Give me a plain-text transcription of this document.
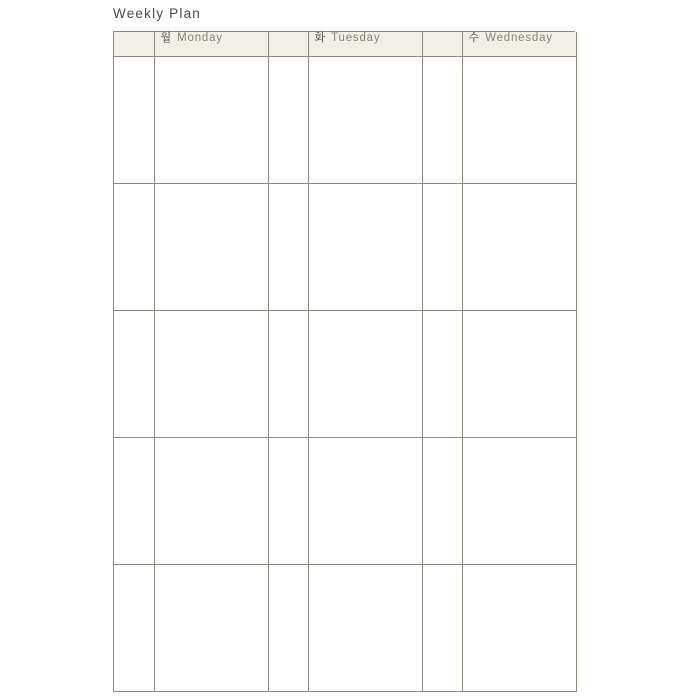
Weekly Plan

	월 Monday		화 Tuesday		수 Wednesday
